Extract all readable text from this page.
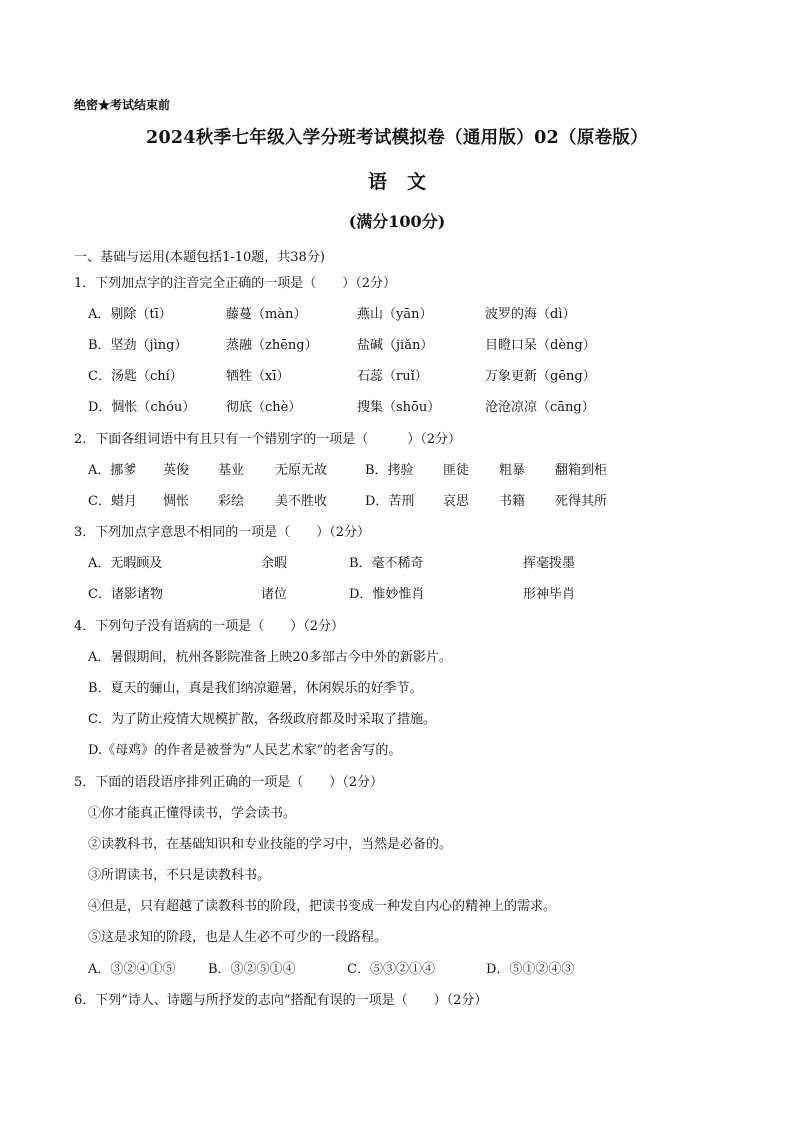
绝密★考试结束前
2024秋季七年级入学分班考试模拟卷（通用版）02（原卷版）
语文
(满分100分)
一、基础与运用(本题包括1-10题，共38分)
1．下列加点字的注音完全正确的一项是（　　）（2分）
A．剔除（tī）	藤蔓（màn）	燕山（yān）	波罗的海（dì）
B．坚劲（jìng）	蒸融（zhēng）	盐碱（jiǎn）	目瞪口呆（dèng）
C．汤匙（chí）	牺牲（xī）	石蕊（ruǐ）	万象更新（gēng）
D．惆怅（chóu） 彻底（chè）	搜集（shōu）	沧沧凉凉（cāng）
2．下面各组词语中有且只有一个错别字的一项是（　　　）（2分）
A．挪爹 英俊 基业 无原无故	B．拷验 匪徒 粗暴 翻箱到柜
C．蜡月 惆怅 彩绘 美不胜收	D．苦刑 哀思 书籍 死得其所
3．下列加点字意思不相同的一项是（　　）（2分）
A．无暇顾及	余暇	B．毫不稀奇	挥毫拨墨
C．诸影诸物	诸位	D．惟妙惟肖	形神毕肖
4．下列句子没有语病的一项是（　　）（2分）
A．暑假期间，杭州各影院准备上映20多部古今中外的新影片。
B．夏天的骊山，真是我们纳凉避暑，休闲娱乐的好季节。
C．为了防止疫情大规模扩散，各级政府都及时采取了措施。
D.《母鸡》的作者是被誉为“人民艺术家”的老舍写的。
5．下面的语段语序排列正确的一项是（　　）（2分）
①你才能真正懂得读书，学会读书。
②读教科书，在基础知识和专业技能的学习中，当然是必备的。
③所谓读书，不只是读教科书。
④但是，只有超越了读教科书的阶段，把读书变成一种发自内心的精神上的需求。
⑤这是求知的阶段，也是人生必不可少的一段路程。
A．③②④①⑤	B．③②⑤①④	C．⑤③②①④	D．⑤①②④③
6．下列“诗人、诗题与所抒发的志向”搭配有误的一项是（　　）（2分）
